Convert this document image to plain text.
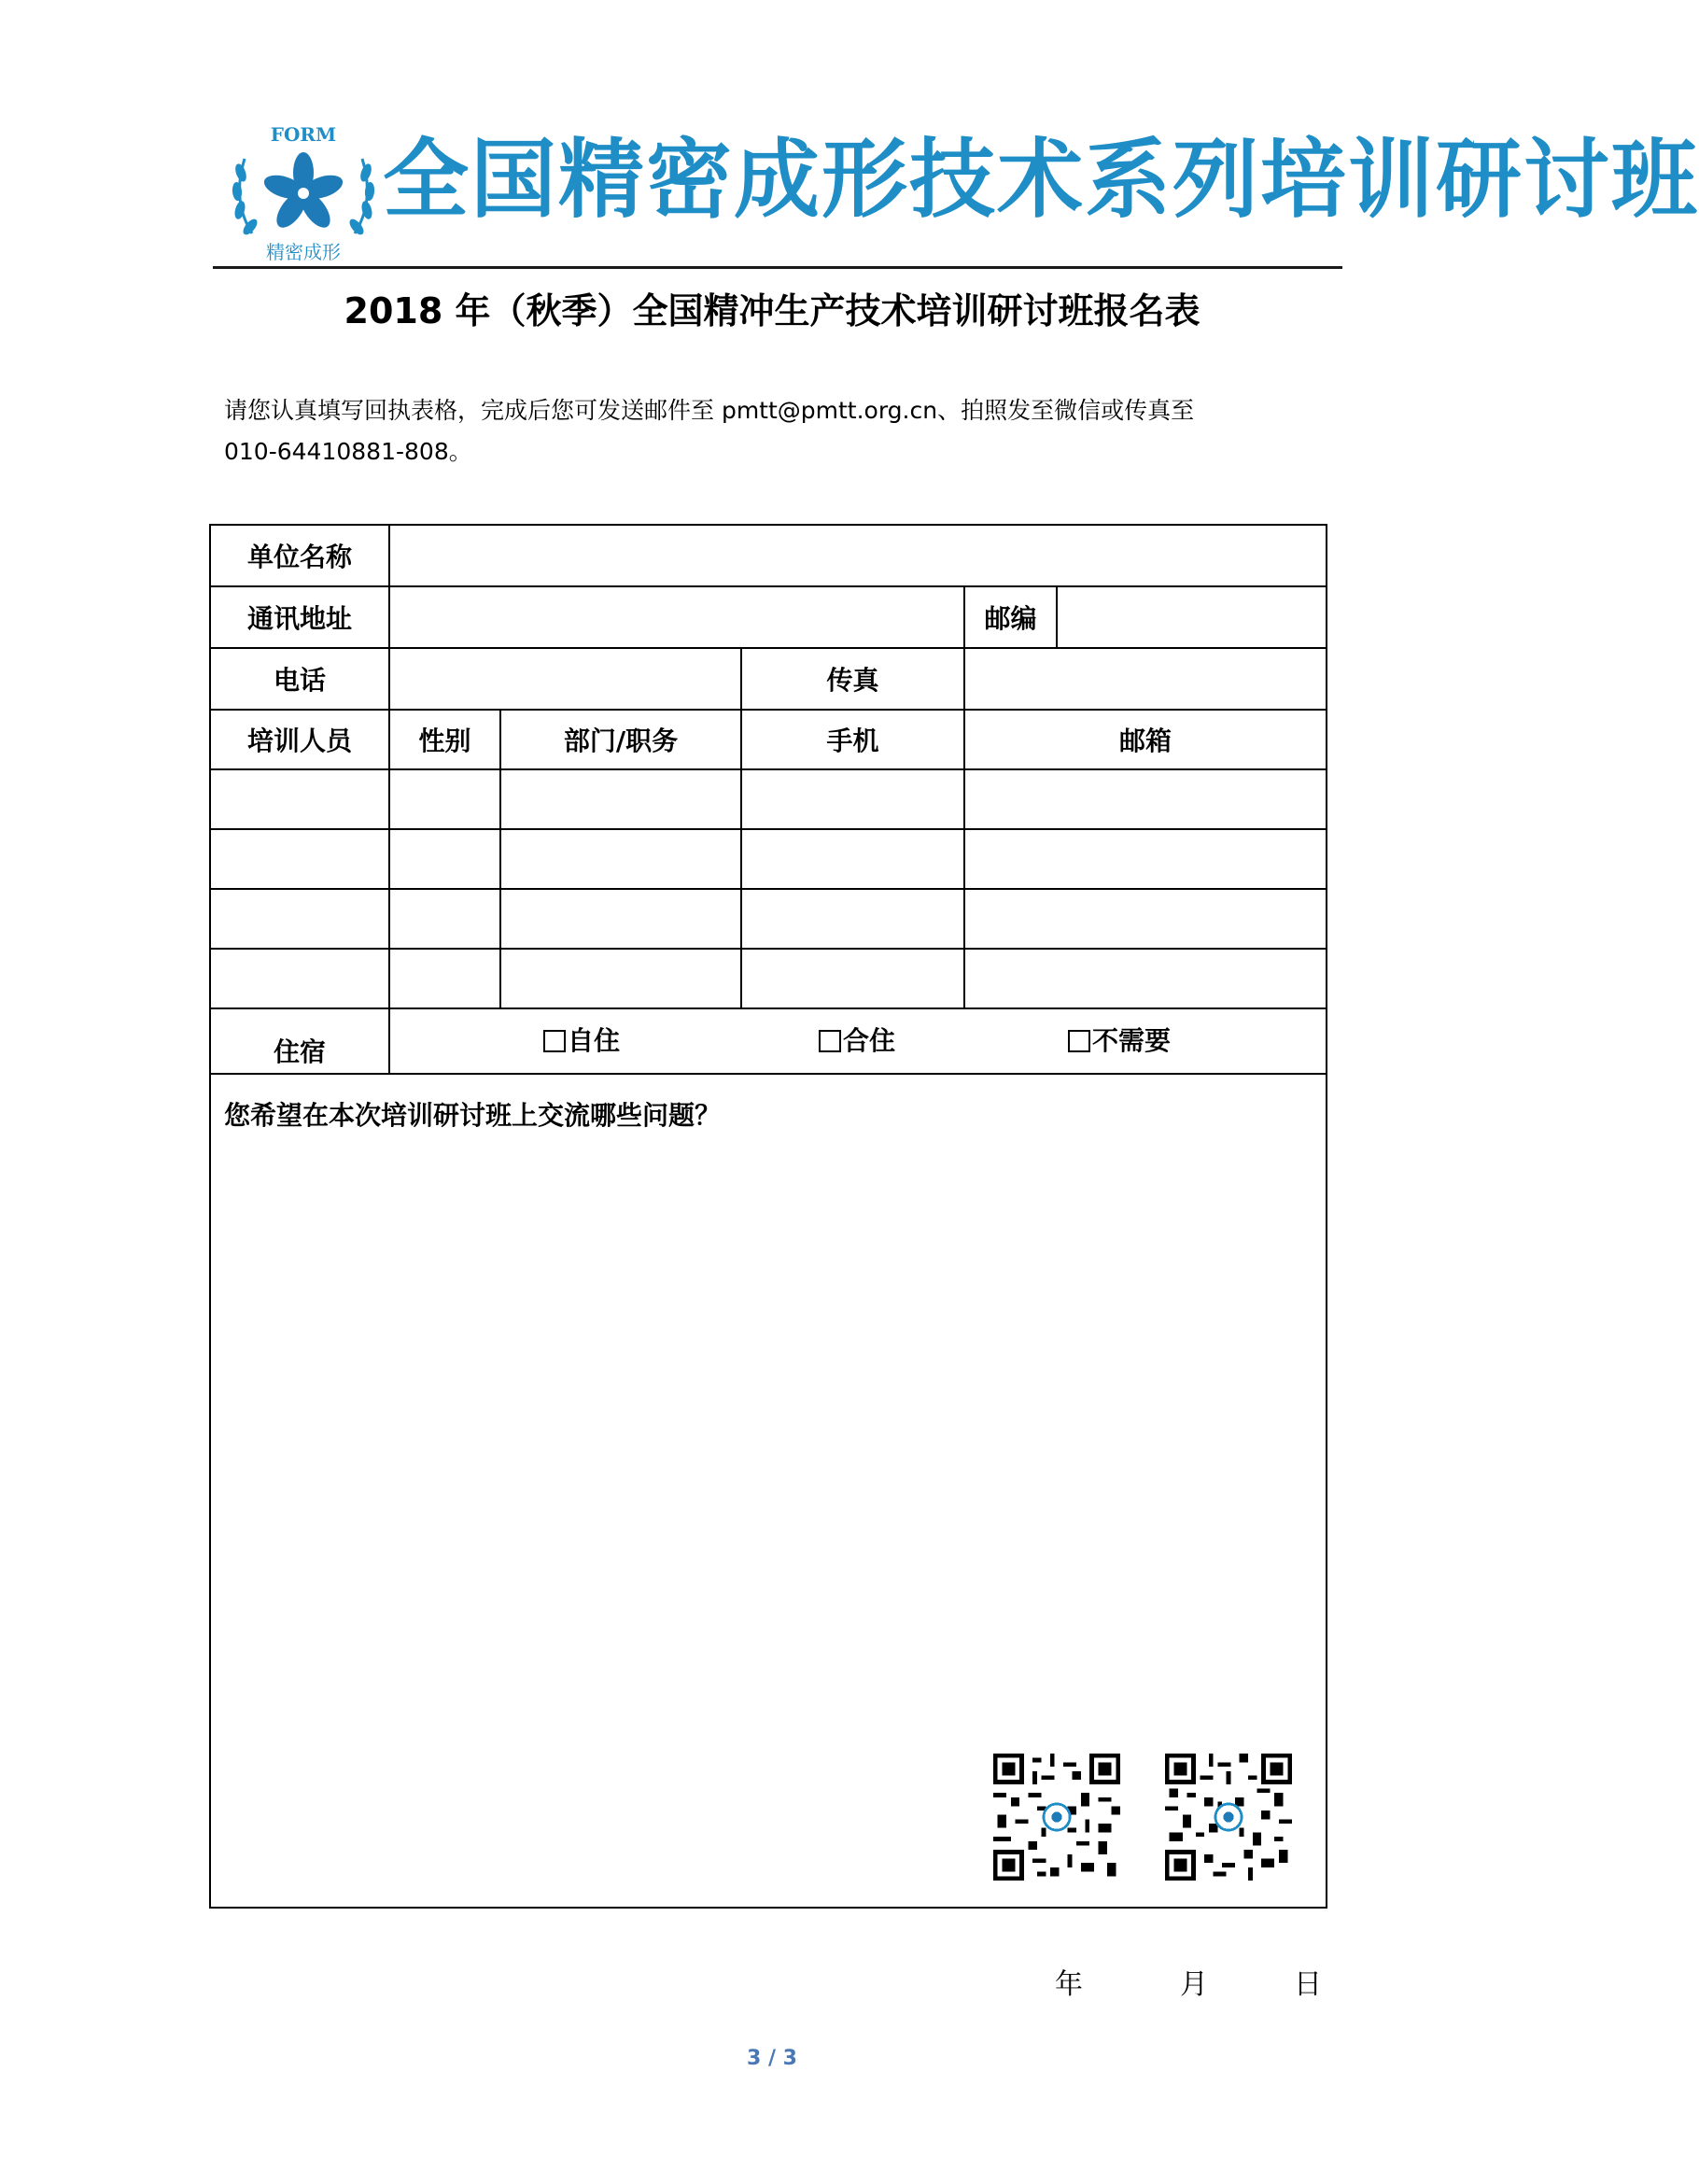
FORM
精密成形
全国精密成形技术系列培训研讨班
2018 年（秋季）全国精冲生产技术培训研讨班报名表

请您认真填写回执表格，完成后您可发送邮件至 pmtt@pmtt.org.cn、拍照发至微信或传真至

010-64410881-808。

单位名称					
通讯地址				邮编	
电话			传真		
培训人员	性别	部门/职务	手机	邮箱	

住宿	自住 合住 不需要				

您希望在本次培训研讨班上交流哪些问题？					
年	月	日
3 / 3
